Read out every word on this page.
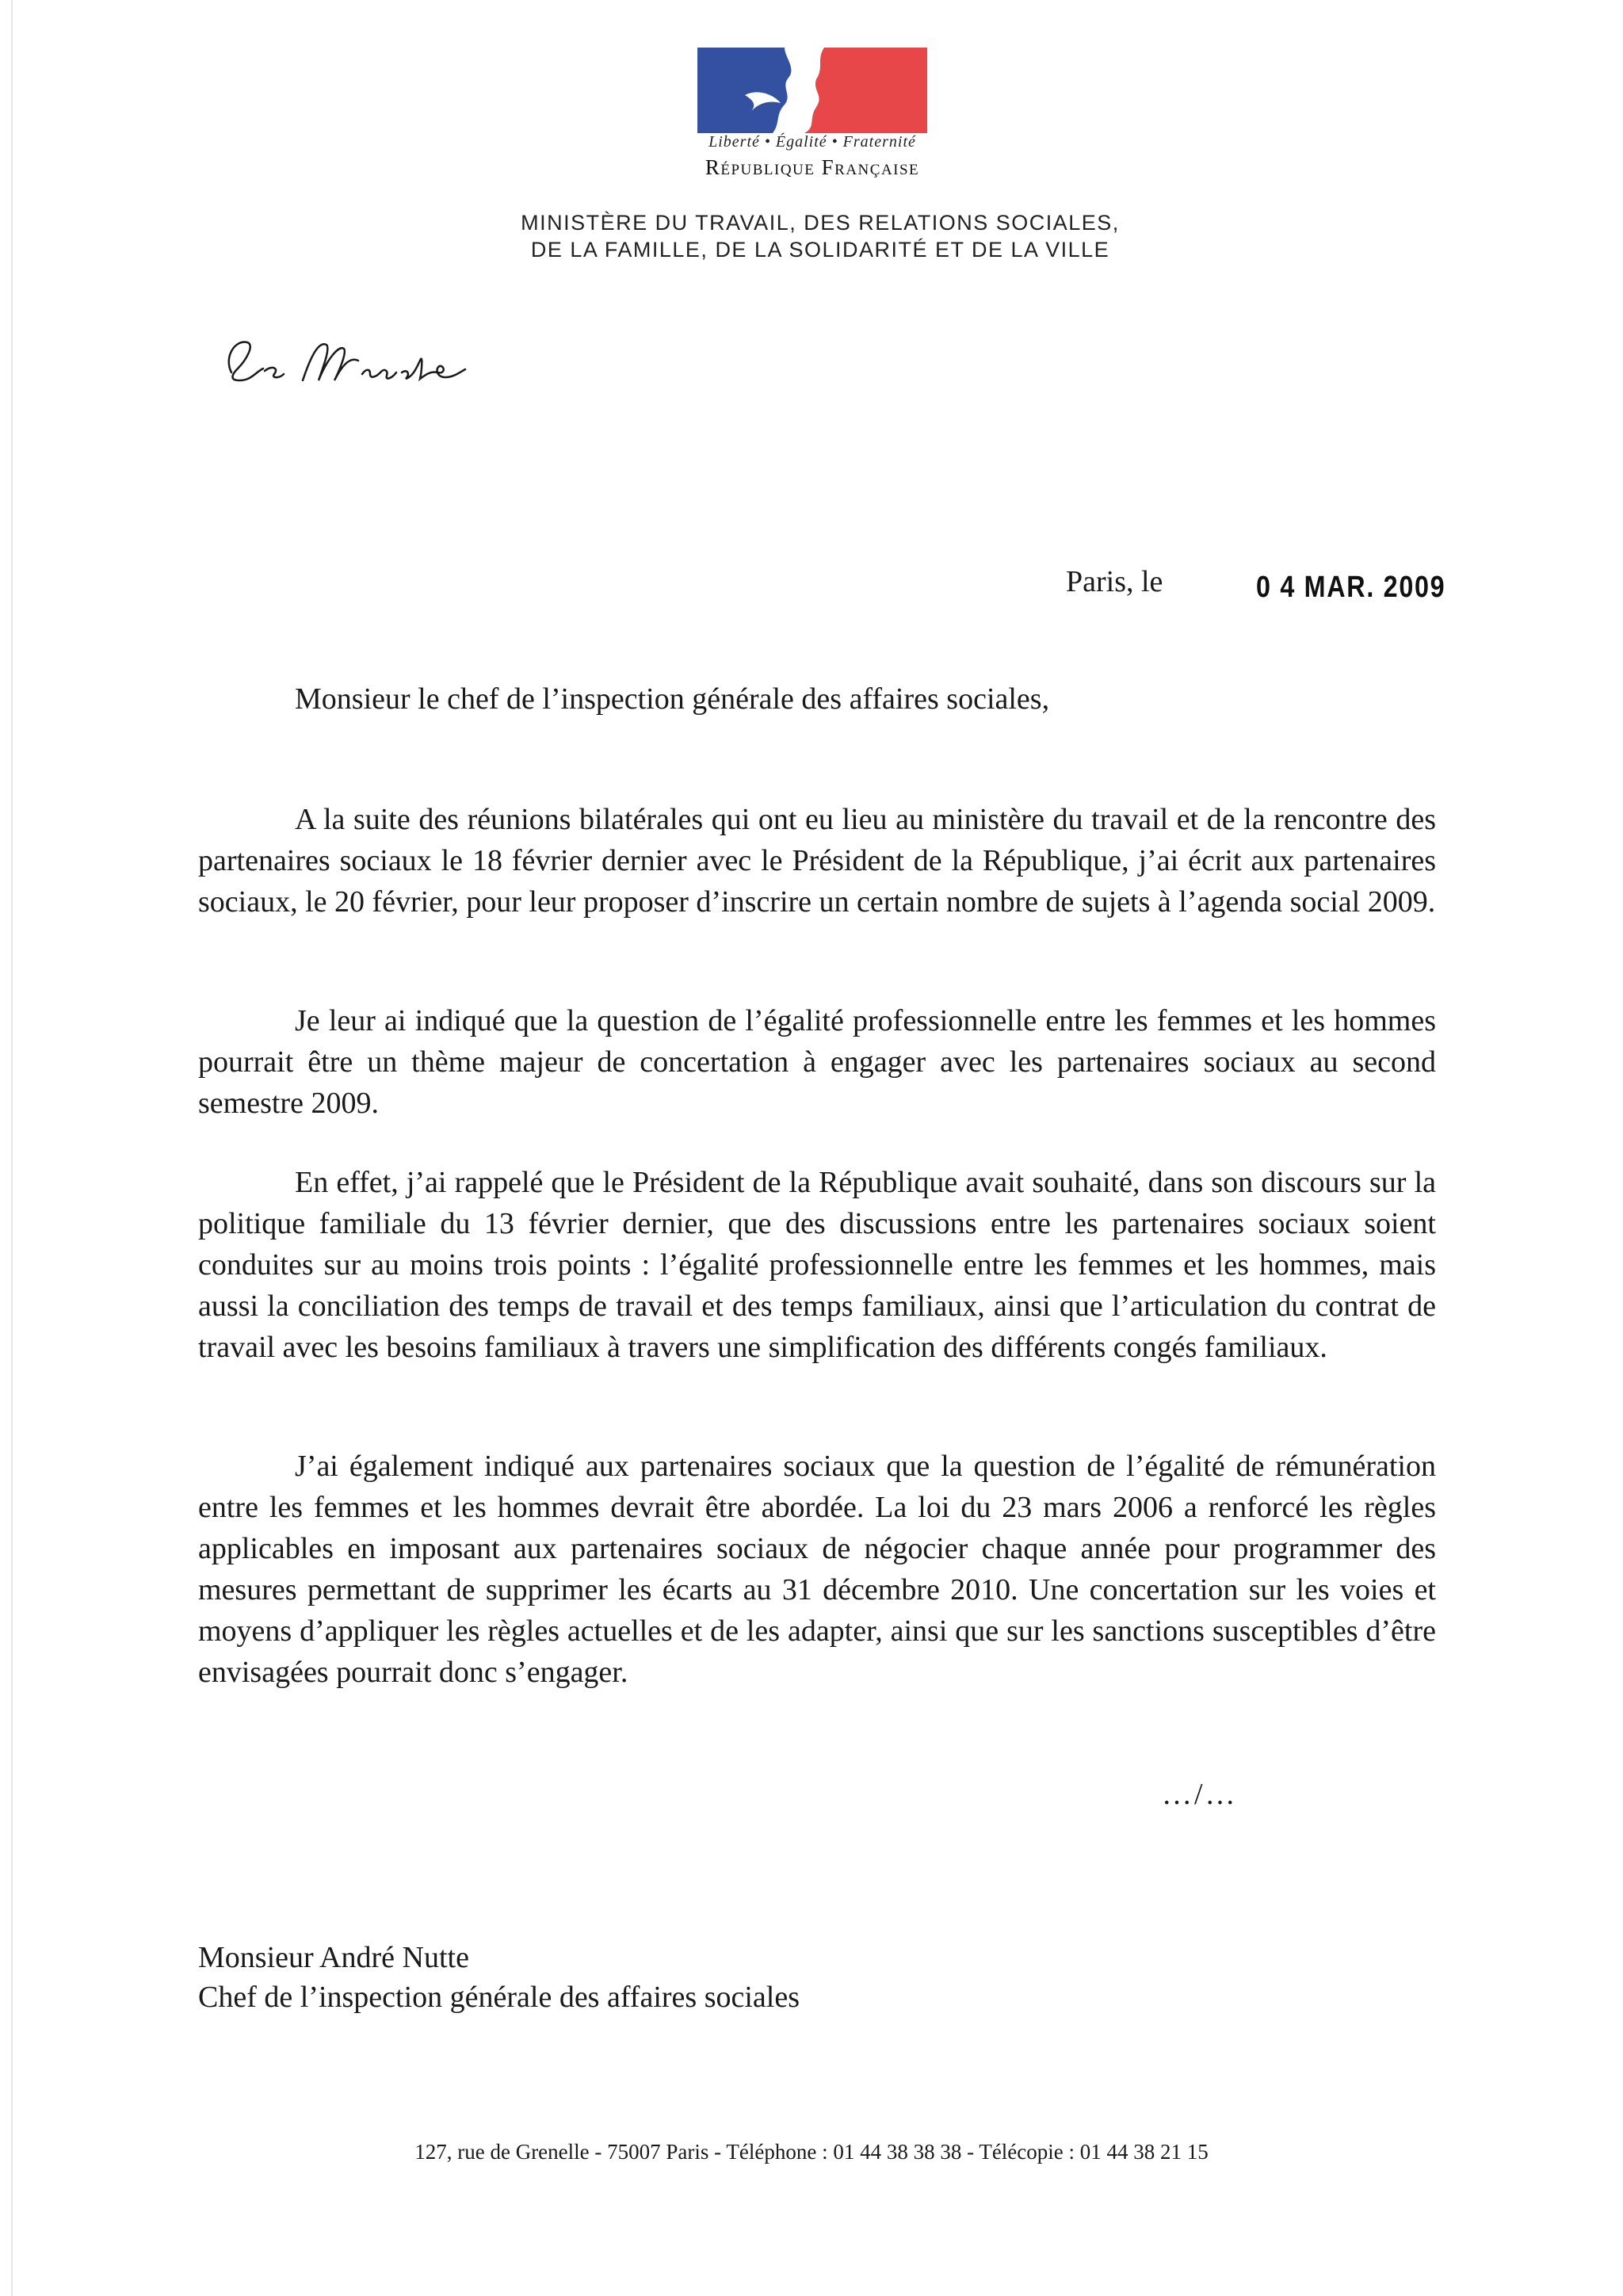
Liberté • Égalité • Fraternité
République Française
MINISTÈRE DU TRAVAIL, DES RELATIONS SOCIALES,
DE LA FAMILLE, DE LA SOLIDARITÉ ET DE LA VILLE
Paris, le	0 4 MAR. 2009
Monsieur le chef de l’inspection générale des affaires sociales,

A la suite des réunions bilatérales qui ont eu lieu au ministère du travail et de la rencontre des partenaires sociaux le 18 février dernier avec le Président de la République, j’ai écrit aux partenaires sociaux, le 20 février, pour leur proposer d’inscrire un certain nombre de sujets à l’agenda social 2009.

Je leur ai indiqué que la question de l’égalité professionnelle entre les femmes et les hommes pourrait être un thème majeur de concertation à engager avec les partenaires sociaux au second semestre 2009.

En effet, j’ai rappelé que le Président de la République avait souhaité, dans son discours sur la politique familiale du 13 février dernier, que des discussions entre les partenaires sociaux soient conduites sur au moins trois points : l’égalité professionnelle entre les femmes et les hommes, mais aussi la conciliation des temps de travail et des temps familiaux, ainsi que l’articulation du contrat de travail avec les besoins familiaux à travers une simplification des différents congés familiaux.

J’ai également indiqué aux partenaires sociaux que la question de l’égalité de rémunération entre les femmes et les hommes devrait être abordée. La loi du 23 mars 2006 a renforcé les règles applicables en imposant aux partenaires sociaux de négocier chaque année pour programmer des mesures permettant de supprimer les écarts au 31 décembre 2010. Une concertation sur les voies et moyens d’appliquer les règles actuelles et de les adapter, ainsi que sur les sanctions susceptibles d’être envisagées pourrait donc s’engager.

…/…
Monsieur André Nutte
Chef de l’inspection générale des affaires sociales
127, rue de Grenelle - 75007 Paris - Téléphone : 01 44 38 38 38 - Télécopie : 01 44 38 21 15
